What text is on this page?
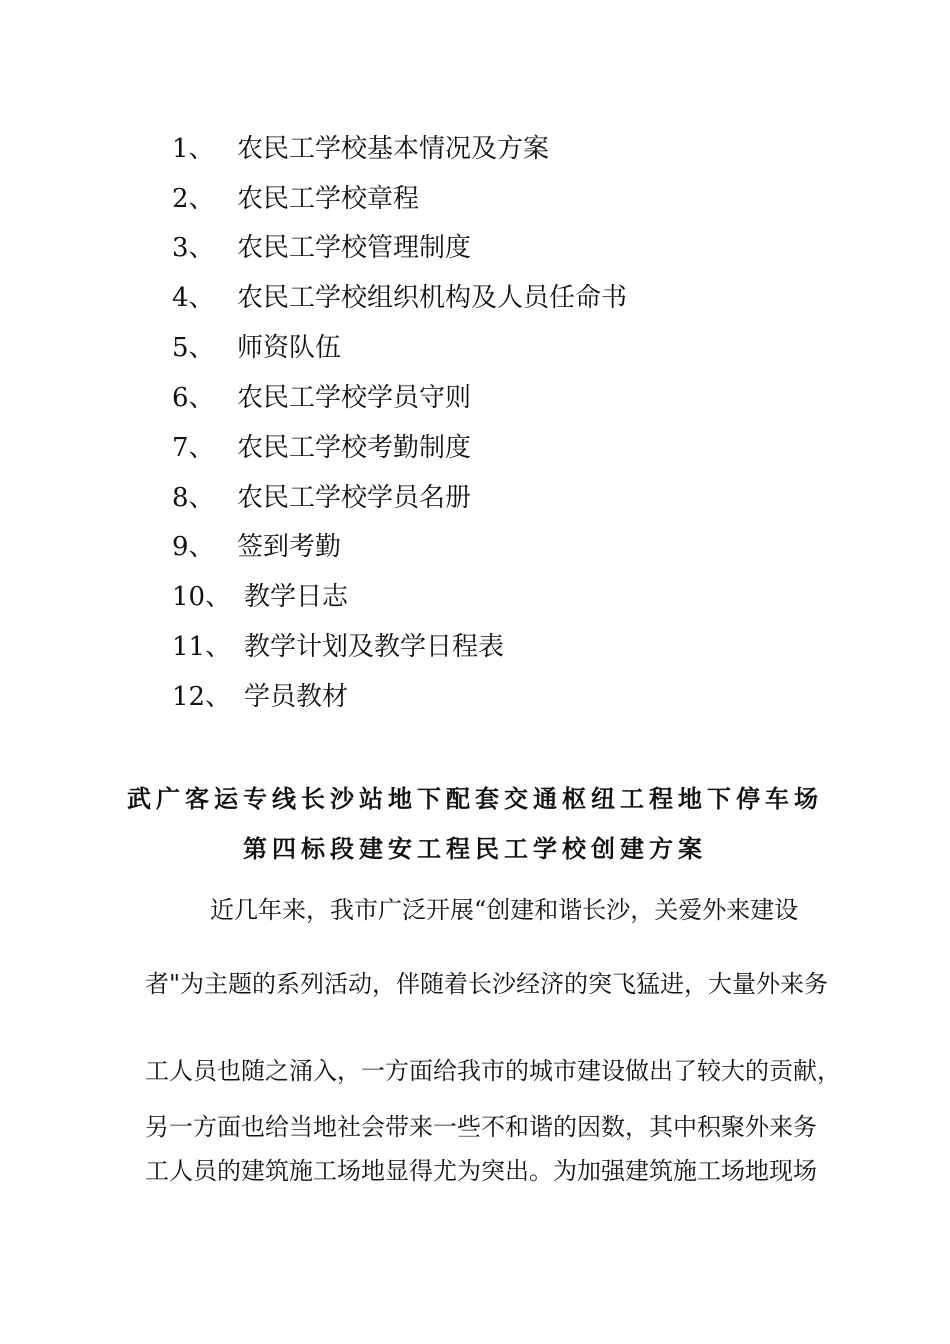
1、 农民工学校基本情况及方案
2、 农民工学校章程
3、 农民工学校管理制度
4、 农民工学校组织机构及人员任命书
5、 师资队伍
6、 农民工学校学员守则
7、 农民工学校考勤制度
8、 农民工学校学员名册
9、 签到考勤
10、 教学日志
11、 教学计划及教学日程表
12、 学员教材
武广客运专线长沙站地下配套交通枢纽工程地下停车场
第四标段建安工程民工学校创建方案
近几年来，我市广泛开展“创建和谐长沙，关爱外来建设
者"为主题的系列活动，伴随着长沙经济的突飞猛进，大量外来务
工人员也随之涌入，一方面给我市的城市建设做出了较大的贡献，
另一方面也给当地社会带来一些不和谐的因数，其中积聚外来务
工人员的建筑施工场地显得尤为突出。为加强建筑施工场地现场
